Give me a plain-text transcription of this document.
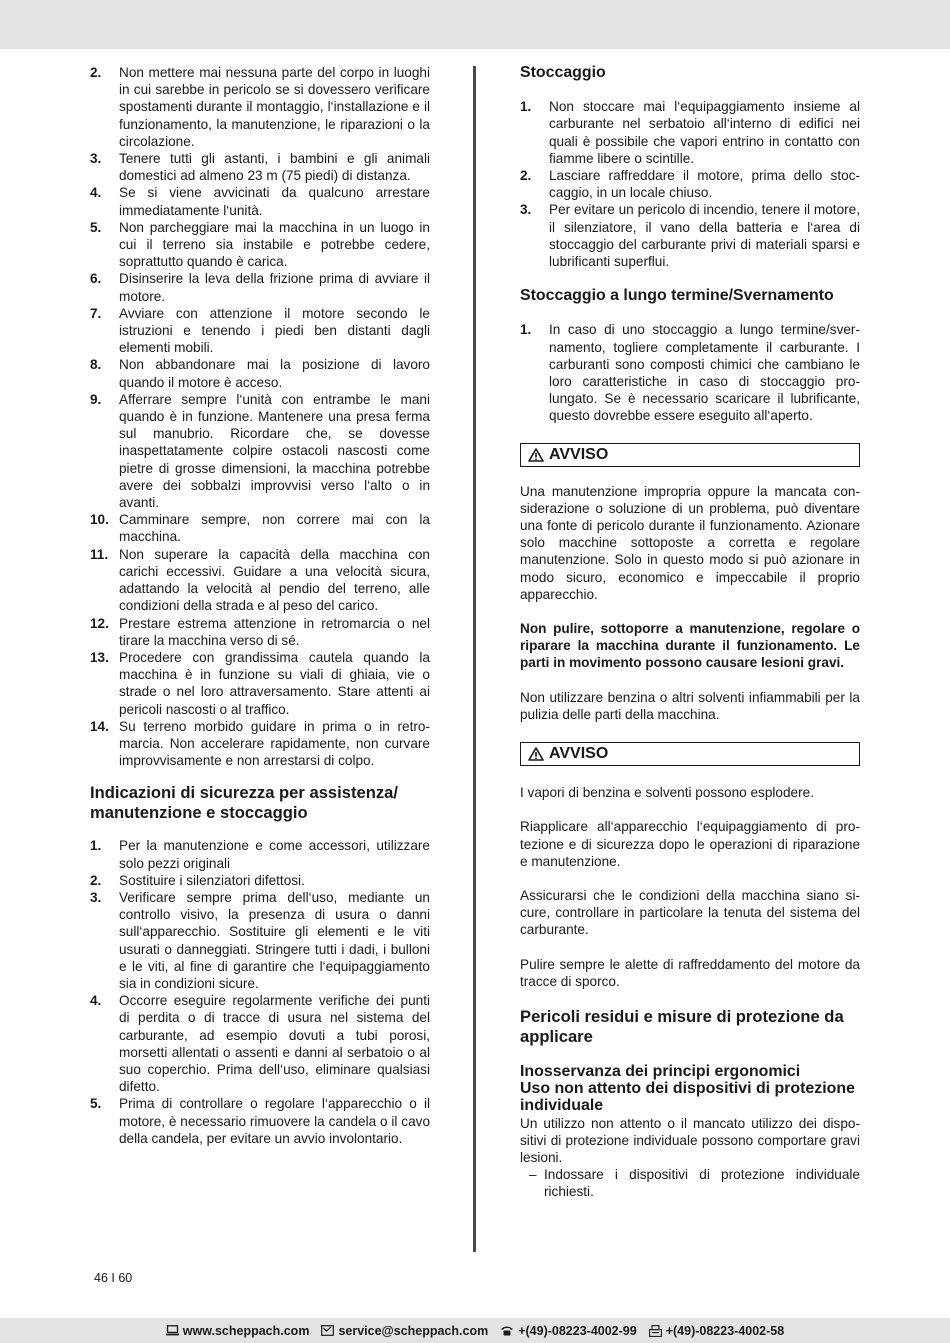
2. Non mettere mai nessuna parte del corpo in luoghi in cui sarebbe in pericolo se si dovessero verificare spostamenti durante il montaggio, l‘installazione e il funzionamento, la manutenzione, le riparazioni o la circolazione.
3. Tenere tutti gli astanti, i bambini e gli animali domestici ad almeno 23 m (75 piedi) di distanza.
4. Se si viene avvicinati da qualcuno arrestare immediatamente l‘unità.
5. Non parcheggiare mai la macchina in un luogo in cui il terreno sia instabile e potrebbe cedere, soprattutto quando è carica.
6. Disinserire la leva della frizione prima di avviare il motore.
7. Avviare con attenzione il motore secondo le istruzioni e tenendo i piedi ben distanti dagli elementi mobili.
8. Non abbandonare mai la posizione di lavoro quando il motore è acceso.
9. Afferrare sempre l‘unità con entrambe le mani quando è in funzione. Mantenere una presa ferma sul manubrio. Ricordare che, se dovesse inaspettatamente colpire ostacoli nascosti come pietre di grosse dimensioni, la macchina potrebbe avere dei sobbalzi improvvisi verso l‘alto o in avanti.
10. Camminare sempre, non correre mai con la macchina.
11. Non superare la capacità della macchina con carichi eccessivi. Guidare a una velocità sicura, adattando la velocità al pendio del terreno, alle condizioni della strada e al peso del carico.
12. Prestare estrema attenzione in retromarcia o nel tirare la macchina verso di sé.
13. Procedere con grandissima cautela quando la macchina è in funzione su viali di ghiaia, vie o strade o nel loro attraversamento. Stare attenti ai pericoli nascosti o al traffico.
14. Su terreno morbido guidare in prima o in retromarcia. Non accelerare rapidamente, non curvare improvvisamente e non arrestarsi di colpo.
Indicazioni di sicurezza per assistenza/ manutenzione e stoccaggio
1. Per la manutenzione e come accessori, utilizzare solo pezzi originali
2. Sostituire i silenziatori difettosi.
3. Verificare sempre prima dell‘uso, mediante un controllo visivo, la presenza di usura o danni sull‘apparecchio. Sostituire gli elementi e le viti usurati o danneggiati. Stringere tutti i dadi, i bulloni e le viti, al fine di garantire che l‘equipaggiamento sia in condizioni sicure.
4. Occorre eseguire regolarmente verifiche dei punti di perdita o di tracce di usura nel sistema del carburante, ad esempio dovuti a tubi porosi, morsetti allentati o assenti e danni al serbatoio o al suo coperchio. Prima dell‘uso, eliminare qualsiasi difetto.
5. Prima di controllare o regolare l‘apparecchio o il motore, è necessario rimuovere la candela o il cavo della candela, per evitare un avvio involontario.
Stoccaggio
1. Non stoccare mai l‘equipaggiamento insieme al carburante nel serbatoio all‘interno di edifici nei quali è possibile che vapori entrino in contatto con fiamme libere o scintille.
2. Lasciare raffreddare il motore, prima dello stoccaggio, in un locale chiuso.
3. Per evitare un pericolo di incendio, tenere il motore, il silenziatore, il vano della batteria e l‘area di stoccaggio del carburante privi di materiali sparsi e lubrificanti superflui.
Stoccaggio a lungo termine/Svernamento
1. In caso di uno stoccaggio a lungo termine/svernamento, togliere completamente il carburante. I carburanti sono composti chimici che cambiano le loro caratteristiche in caso di stoccaggio prolungato. Se è necessario scaricare il lubrificante, questo dovrebbe essere eseguito all‘aperto.
AVVISO

Una manutenzione impropria oppure la mancata considerazione o soluzione di un problema, può diventare una fonte di pericolo durante il funzionamento. Azionare solo macchine sottoposte a corretta e regolare manutenzione. Solo in questo modo si può azionare in modo sicuro, economico e impeccabile il proprio apparecchio.

Non pulire, sottoporre a manutenzione, regolare o riparare la macchina durante il funzionamento. Le parti in movimento possono causare lesioni gravi.

Non utilizzare benzina o altri solventi infiammabili per la pulizia delle parti della macchina.

AVVISO

I vapori di benzina e solventi possono esplodere.

Riapplicare all‘apparecchio l‘equipaggiamento di protezione e di sicurezza dopo le operazioni di riparazione e manutenzione.

Assicurarsi che le condizioni della macchina siano sicure, controllare in particolare la tenuta del sistema del carburante.

Pulire sempre le alette di raffreddamento del motore da tracce di sporco.

Pericoli residui e misure di protezione da applicare
Inosservanza dei principi ergonomici
Uso non attento dei dispositivi di protezione individuale

Un utilizzo non attento o il mancato utilizzo dei dispositivi di protezione individuale possono comportare gravi lesioni.

– Indossare i dispositivi di protezione individuale richiesti.
46 I 60
www.scheppach.com service@scheppach.com +(49)-08223-4002-99 +(49)-08223-4002-58
